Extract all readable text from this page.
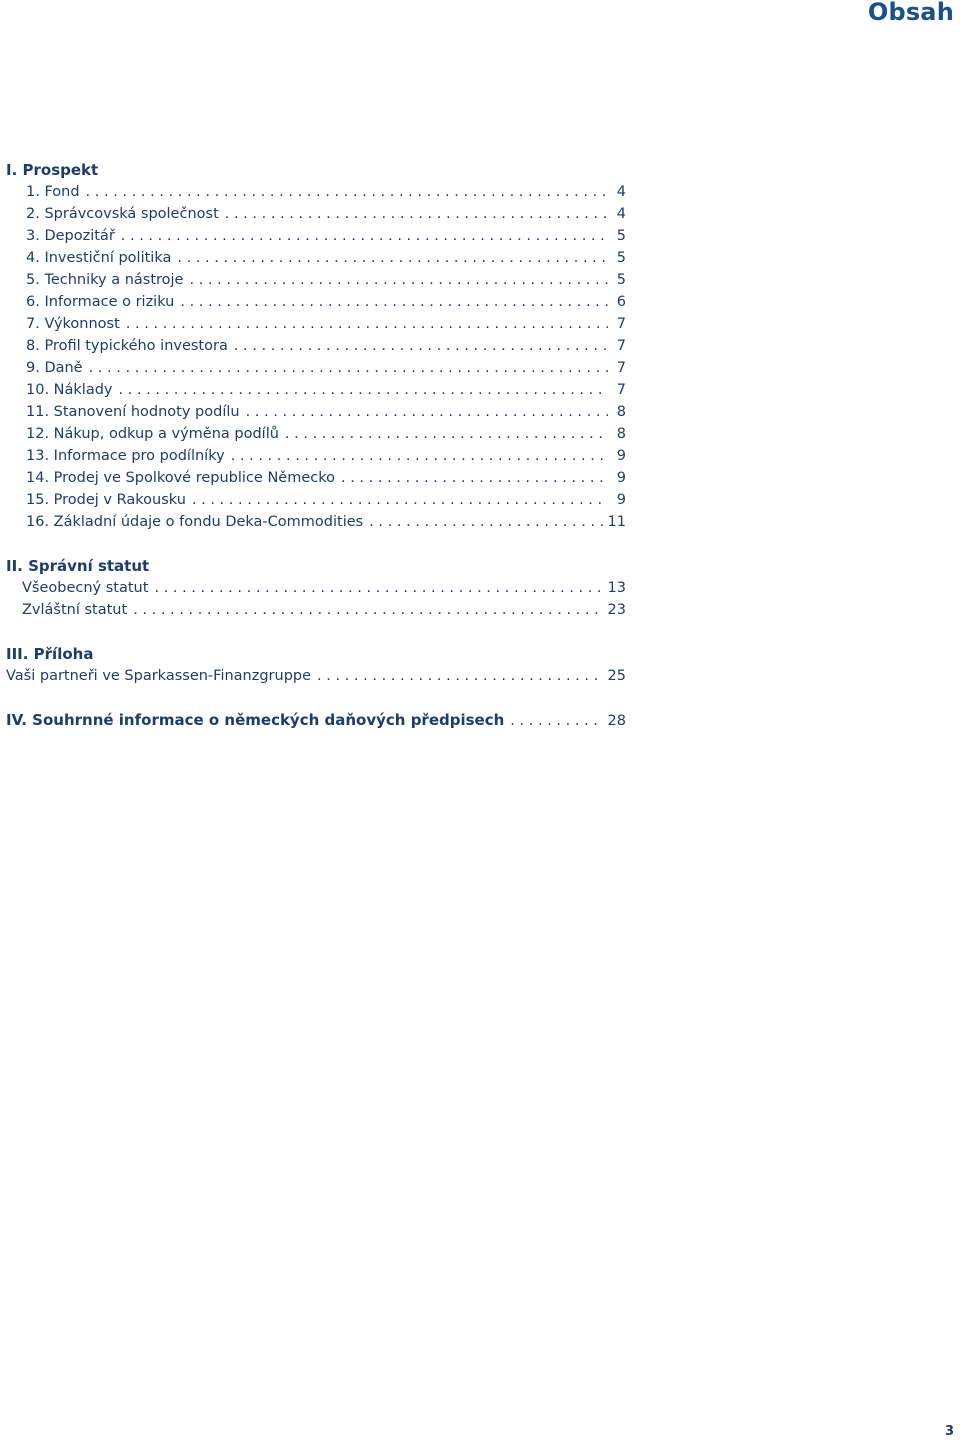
Obsah
I. Prospekt
1. Fond . . .	4
2. Správcovská společnost . . .	4
3. Depozitář . . .	5
4. Investiční politika . . .	5
5. Techniky a nástroje . . .	5
6. Informace o riziku . . .	6
7. Výkonnost . . .	7
8. Profil typického investora . . .	7
9. Daně . . .	7
10. Náklady . . .	7
11. Stanovení hodnoty podílu . . .	8
12. Nákup, odkup a výměna podílů . . .	8
13. Informace pro podílníky . . .	9
14. Prodej ve Spolkové republice Německo . . .	9
15. Prodej v Rakousku . . .	9
16. Základní údaje o fondu Deka-Commodities . . .	11
II. Správní statut
Všeobecný statut . . .	13
Zvláštní statut . . .	23
III. Příloha
Vaši partneři ve Sparkassen-Finanzgruppe . . .	25
IV. Souhrnné informace o německých daňových předpisech . . .	28
3
